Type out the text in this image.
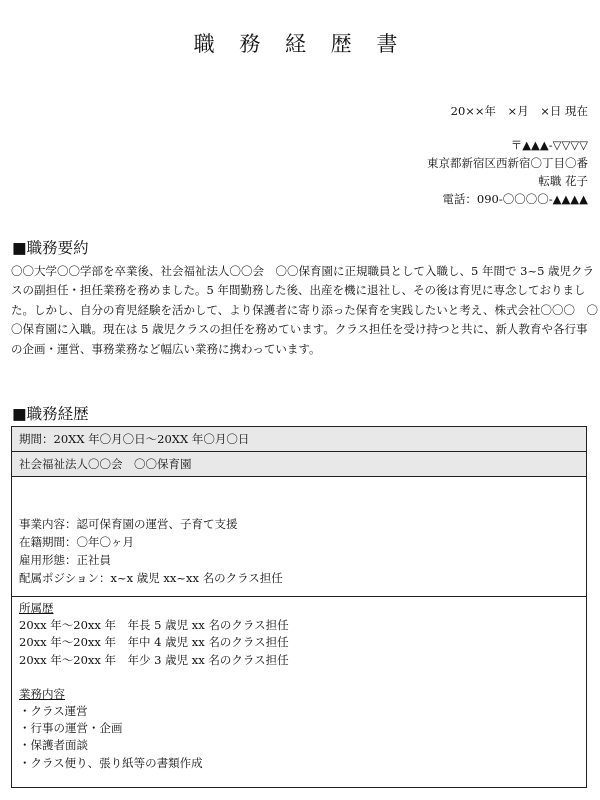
職 務 経 歴 書
20××年　×月　×日 現在
〒▲▲▲-▽▽▽▽
東京都新宿区西新宿〇丁目〇番
転職 花子
電話：090-〇〇〇〇-▲▲▲▲
■職務要約

〇〇大学〇〇学部を卒業後、社会福祉法人〇〇会　〇〇保育園に正規職員として入職し、5 年間で 3~5 歳児クラ
スの副担任・担任業務を務めました。5 年間勤務した後、出産を機に退社し、その後は育児に専念しておりまし
た。しかし、自分の育児経験を活かして、より保護者に寄り添った保育を実践したいと考え、株式会社〇〇〇　〇
〇保育園に入職。現在は 5 歳児クラスの担任を務めています。クラス担任を受け持つと共に、新人教育や各行事
の企画・運営、事務業務など幅広い業務に携わっています。

■職務経歴
期間：20XX 年〇月〇日～20XX 年〇月〇日
社会福祉法人〇〇会　〇〇保育園
事業内容：認可保育園の運営、子育て支援
在籍期間：〇年〇ヶ月
雇用形態：正社員
配属ポジション：x~x 歳児 xx~xx 名のクラス担任
所属歴
20xx 年～20xx 年　年長 5 歳児 xx 名のクラス担任
20xx 年～20xx 年　年中 4 歳児 xx 名のクラス担任
20xx 年～20xx 年　年少 3 歳児 xx 名のクラス担任
業務内容
・クラス運営
・行事の運営・企画
・保護者面談
・クラス便り、張り紙等の書類作成
